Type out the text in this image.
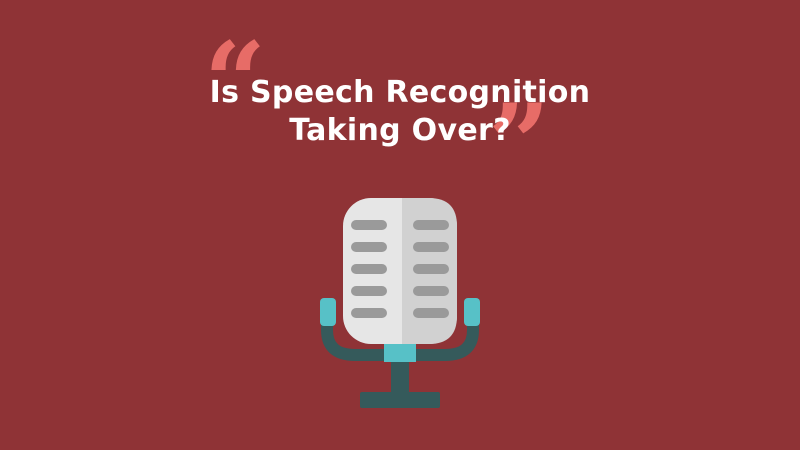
“ ”
Is Speech Recognition
Taking Over?
